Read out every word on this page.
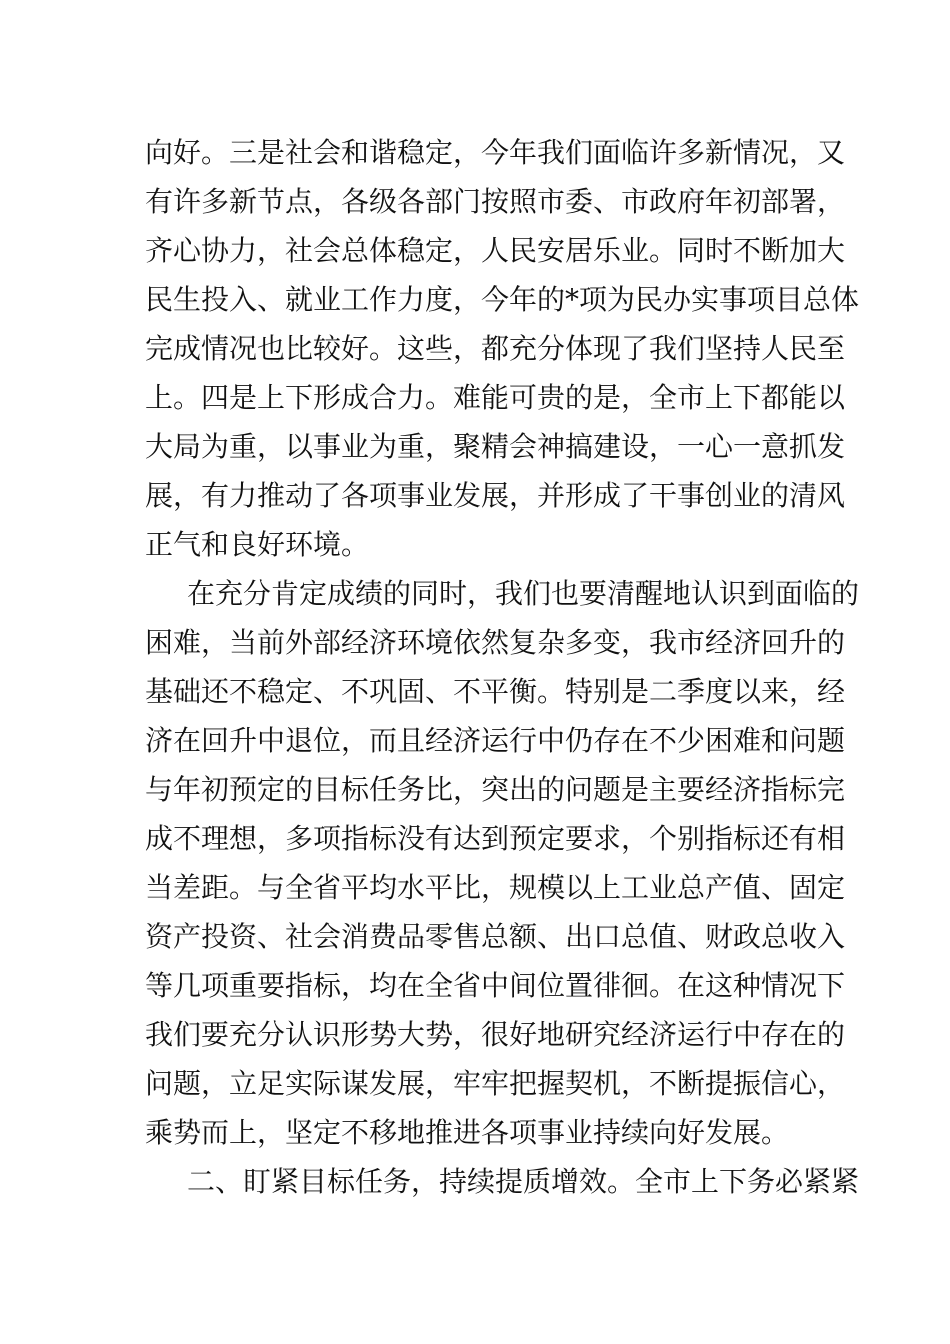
向好。三是社会和谐稳定，今年我们面临许多新情况，又
有许多新节点，各级各部门按照市委、市政府年初部署，
齐心协力，社会总体稳定，人民安居乐业。同时不断加大
民生投入、就业工作力度，今年的*项为民办实事项目总体
完成情况也比较好。这些，都充分体现了我们坚持人民至
上。四是上下形成合力。难能可贵的是，全市上下都能以
大局为重，以事业为重，聚精会神搞建设，一心一意抓发
展，有力推动了各项事业发展，并形成了干事创业的清风
正气和良好环境。
在充分肯定成绩的同时，我们也要清醒地认识到面临的
困难，当前外部经济环境依然复杂多变，我市经济回升的
基础还不稳定、不巩固、不平衡。特别是二季度以来，经
济在回升中退位，而且经济运行中仍存在不少困难和问题
与年初预定的目标任务比，突出的问题是主要经济指标完
成不理想，多项指标没有达到预定要求，个别指标还有相
当差距。与全省平均水平比，规模以上工业总产值、固定
资产投资、社会消费品零售总额、出口总值、财政总收入
等几项重要指标，均在全省中间位置徘徊。在这种情况下
我们要充分认识形势大势，很好地研究经济运行中存在的
问题，立足实际谋发展，牢牢把握契机，不断提振信心，
乘势而上，坚定不移地推进各项事业持续向好发展。
二、盯紧目标任务，持续提质增效。全市上下务必紧紧
